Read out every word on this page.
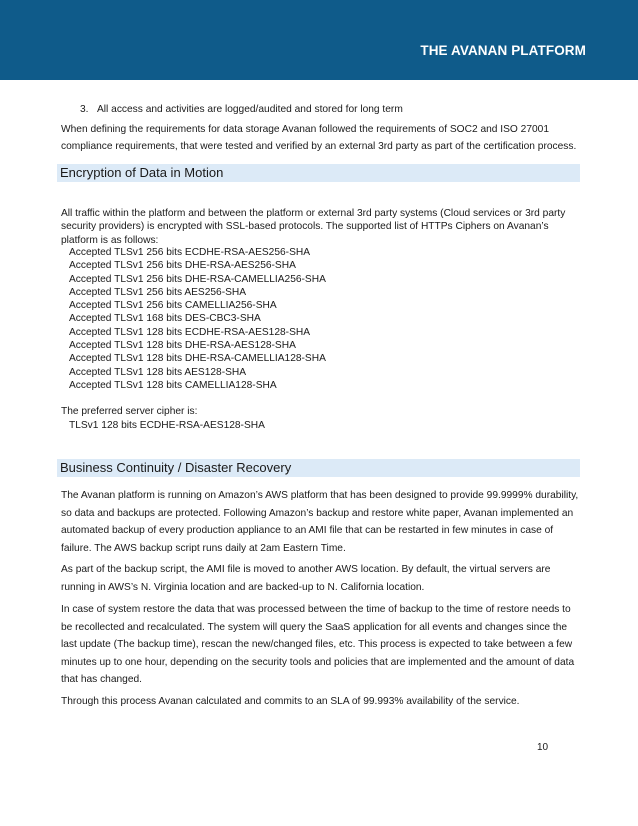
THE AVANAN PLATFORM
3. All access and activities are logged/audited and stored for long term
When defining the requirements for data storage Avanan followed the requirements of SOC2 and ISO 27001 compliance requirements, that were tested and verified by an external 3rd party as part of the certification process.
Encryption of Data in Motion
All traffic within the platform and between the platform or external 3rd party systems (Cloud services or 3rd party security providers) is encrypted with SSL-based protocols. The supported list of HTTPs Ciphers on Avanan’s platform is as follows:
Accepted TLSv1 256 bits ECDHE-RSA-AES256-SHA
Accepted TLSv1 256 bits DHE-RSA-AES256-SHA
Accepted TLSv1 256 bits DHE-RSA-CAMELLIA256-SHA
Accepted TLSv1 256 bits AES256-SHA
Accepted TLSv1 256 bits CAMELLIA256-SHA
Accepted TLSv1 168 bits DES-CBC3-SHA
Accepted TLSv1 128 bits ECDHE-RSA-AES128-SHA
Accepted TLSv1 128 bits DHE-RSA-AES128-SHA
Accepted TLSv1 128 bits DHE-RSA-CAMELLIA128-SHA
Accepted TLSv1 128 bits AES128-SHA
Accepted TLSv1 128 bits CAMELLIA128-SHA
The preferred server cipher is:
TLSv1 128 bits ECDHE-RSA-AES128-SHA
Business Continuity / Disaster Recovery
The Avanan platform is running on Amazon’s AWS platform that has been designed to provide 99.9999% durability, so data and backups are protected. Following Amazon’s backup and restore white paper, Avanan implemented an automated backup of every production appliance to an AMI file that can be restarted in few minutes in case of failure. The AWS backup script runs daily at 2am Eastern Time.
As part of the backup script, the AMI file is moved to another AWS location. By default, the virtual servers are running in AWS’s N. Virginia location and are backed-up to N. California location.
In case of system restore the data that was processed between the time of backup to the time of restore needs to be recollected and recalculated. The system will query the SaaS application for all events and changes since the last update (The backup time), rescan the new/changed files, etc. This process is expected to take between a few minutes up to one hour, depending on the security tools and policies that are implemented and the amount of data that has changed.
Through this process Avanan calculated and commits to an SLA of 99.993% availability of the service.
10
